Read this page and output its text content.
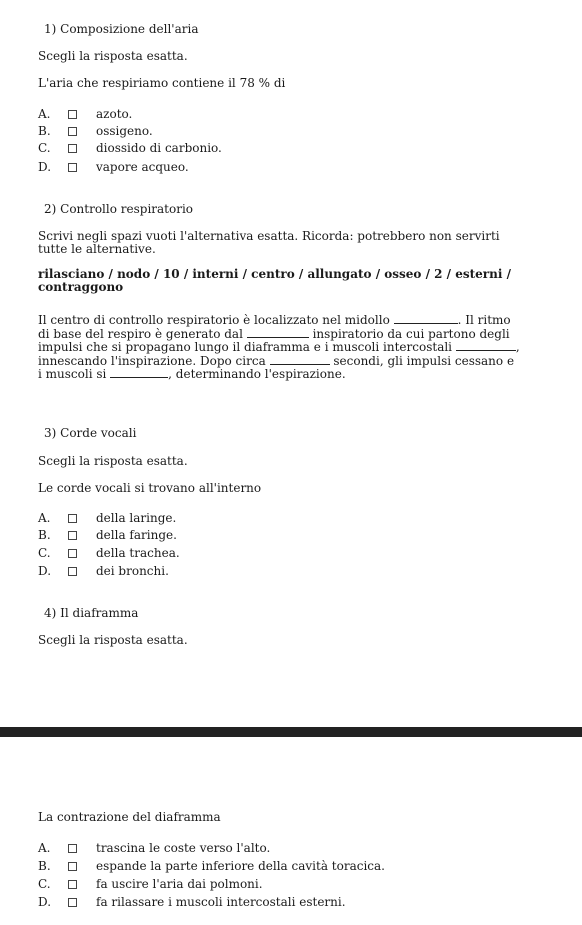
1) Composizione dell'aria
Scegli la risposta esatta.
L'aria che respiriamo contiene il 78 % di
A.	azoto.
B.	ossigeno.
C.	diossido di carbonio.
D.	vapore acqueo.
2) Controllo respiratorio
Scrivi negli spazi vuoti l'alternativa esatta. Ricorda: potrebbero non servirti
tutte le alternative.
rilasciano / nodo / 10 / interni / centro / allungato / osseo / 2 / esterni /
contraggono
Il centro di controllo respiratorio è localizzato nel midollo	. Il ritmo
di base del respiro è generato dal	inspiratorio da cui partono degli
impulsi che si propagano lungo il diaframma e i muscoli intercostali	,
innescando l'inspirazione. Dopo circa	secondi, gli impulsi cessano e
i muscoli si	, determinando l'espirazione.
3) Corde vocali
Scegli la risposta esatta.
Le corde vocali si trovano all'interno
A.	della laringe.
B.	della faringe.
C.	della trachea.
D.	dei bronchi.
4) Il diaframma
Scegli la risposta esatta.
La contrazione del diaframma
A.	trascina le coste verso l'alto.
B.	espande la parte inferiore della cavità toracica.
C.	fa uscire l'aria dai polmoni.
D.	fa rilassare i muscoli intercostali esterni.
